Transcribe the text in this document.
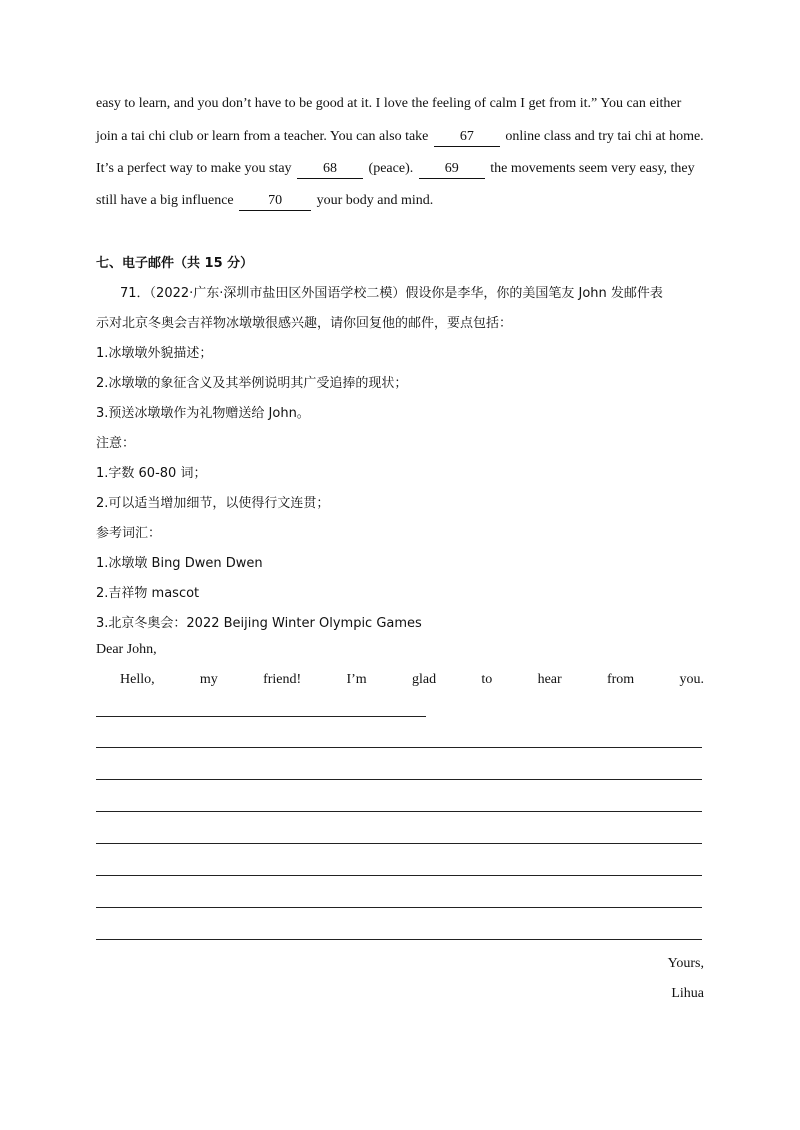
easy to learn, and you don’t have to be good at it. I love the feeling of calm I get from it.” You can either
join a tai chi club or learn from a teacher. You can also take 67 online class and try tai chi at home.
It’s a perfect way to make you stay 68 (peace). 69 the movements seem very easy, they
still have a big influence 70 your body and mind.
七、电子邮件（共 15 分）
71．（2022·广东·深圳市盐田区外国语学校二模）假设你是李华，你的美国笔友 John 发邮件表
示对北京冬奥会吉祥物冰墩墩很感兴趣，请你回复他的邮件，要点包括：
1.冰墩墩外貌描述；
2.冰墩墩的象征含义及其举例说明其广受追捧的现状；
3.预送冰墩墩作为礼物赠送给 John。
注意：
1.字数 60-80 词；
2.可以适当增加细节，以使得行文连贯；
参考词汇：
1.冰墩墩 Bing Dwen Dwen
2.吉祥物 mascot
3.北京冬奥会：2022 Beijing Winter Olympic Games
Dear John,
Hello,	my	friend!	I’m	glad	to	hear	from	you.
Yours,
Lihua
